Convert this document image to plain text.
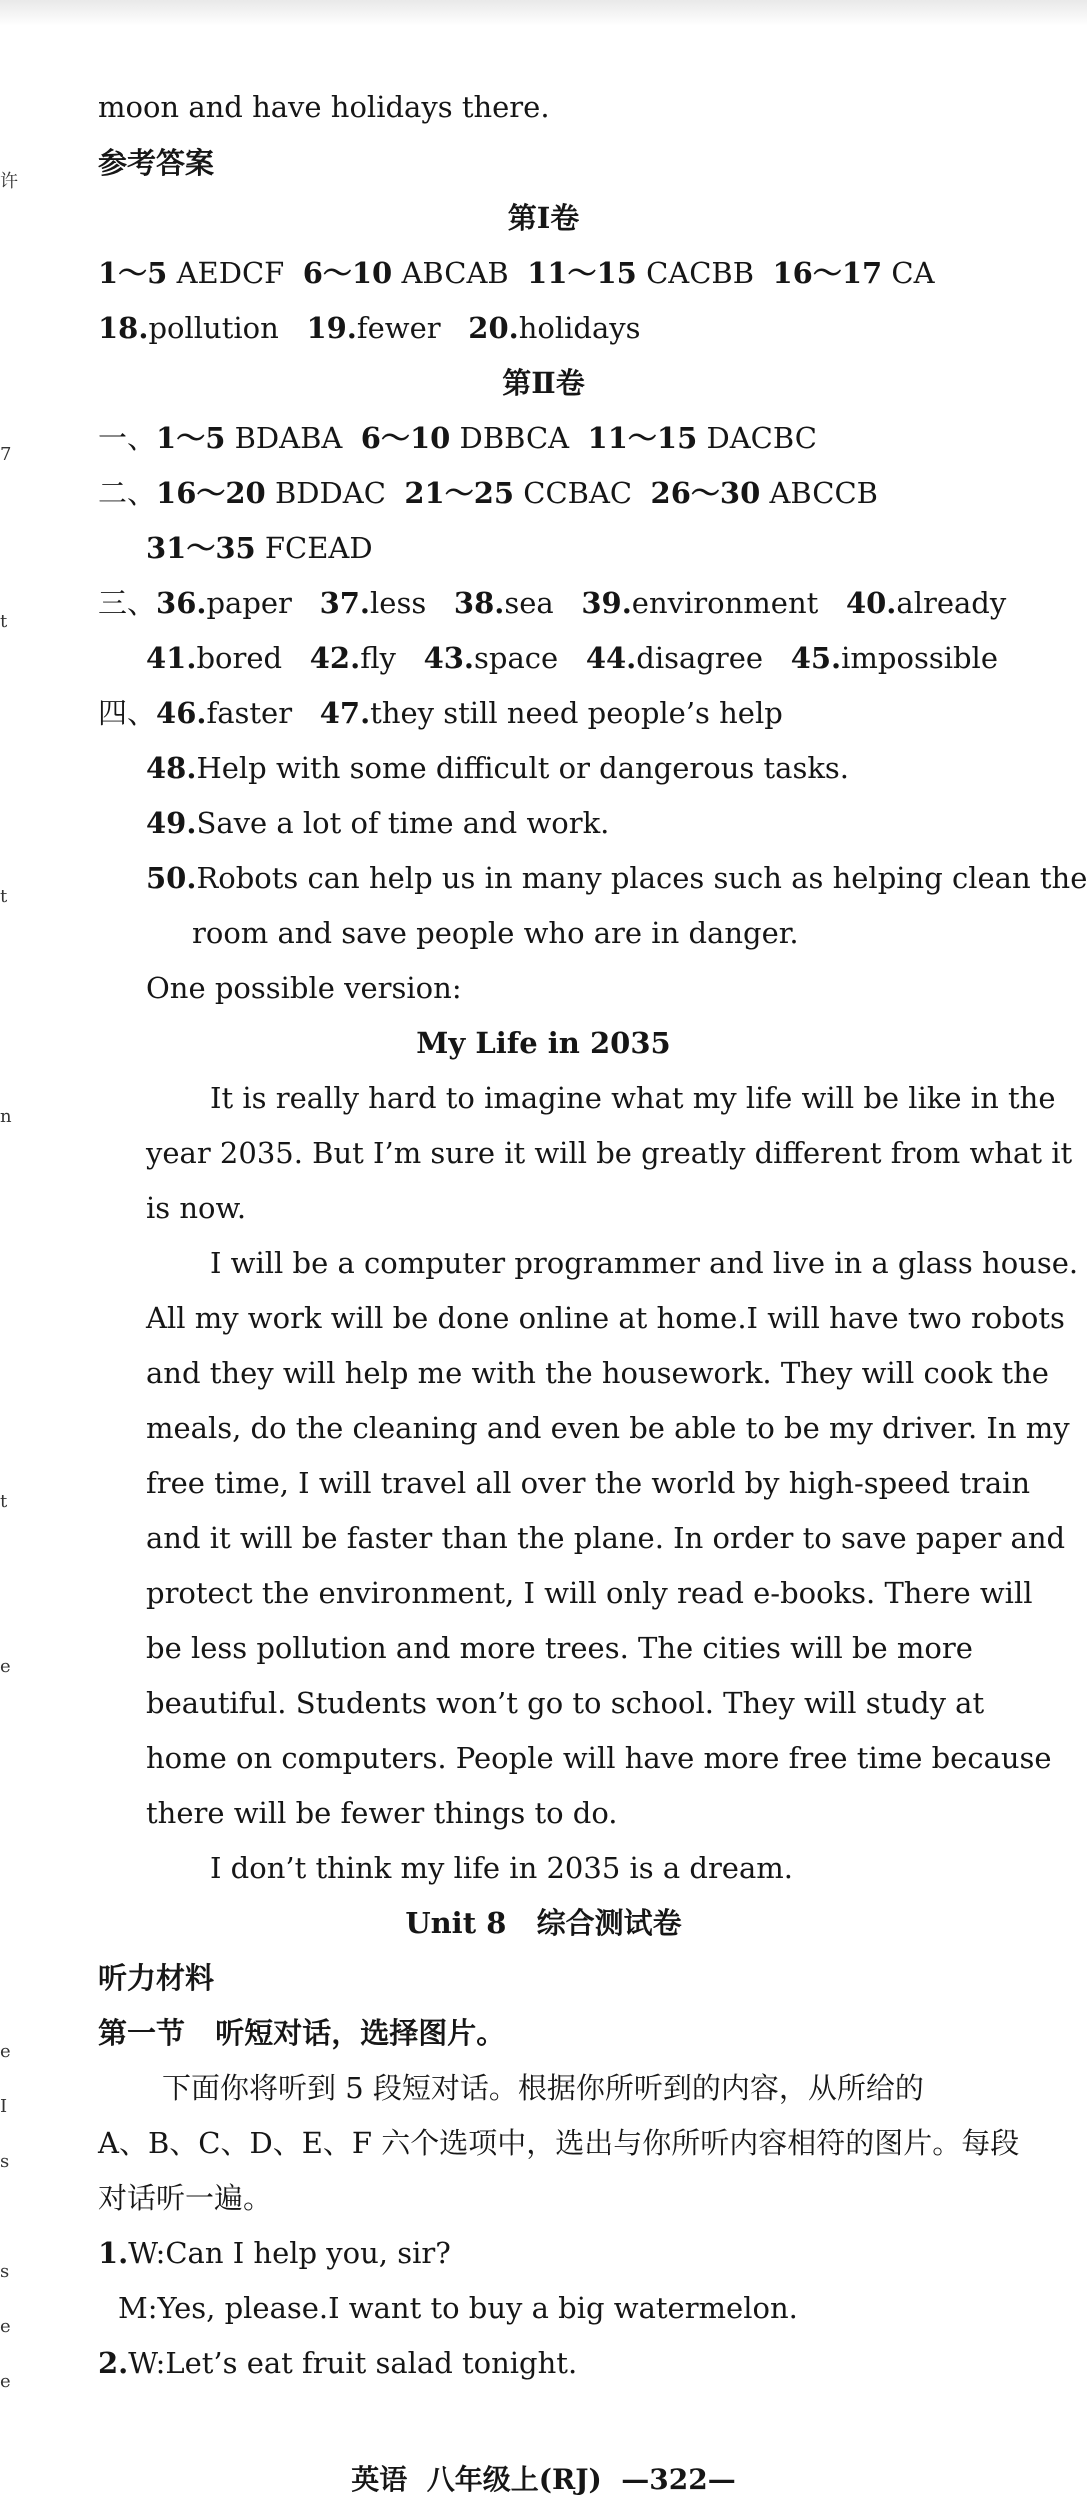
moon and have holidays there.
参考答案
第Ⅰ卷
1～5 AEDCF  6～10 ABCAB  11～15 CACBB  16～17 CA
18.pollution   19.fewer   20.holidays
第Ⅱ卷
一、1～5 BDABA  6～10 DBBCA  11～15 DACBC
二、16～20 BDDAC  21～25 CCBAC  26～30 ABCCB
31～35 FCEAD
三、36.paper   37.less   38.sea   39.environment   40.already
41.bored   42.fly   43.space   44.disagree   45.impossible
四、46.faster   47.they still need people’s help
48.Help with some difficult or dangerous tasks.
49.Save a lot of time and work.
50.Robots can help us in many places such as helping clean the
room and save people who are in danger.
One possible version:
My Life in 2035
It is really hard to imagine what my life will be like in the
year 2035. But I’m sure it will be greatly different from what it
is now.
I will be a computer programmer and live in a glass house.
All my work will be done online at home.I will have two robots
and they will help me with the housework. They will cook the
meals, do the cleaning and even be able to be my driver. In my
free time, I will travel all over the world by high-speed train
and it will be faster than the plane. In order to save paper and
protect the environment, I will only read e-books. There will
be less pollution and more trees. The cities will be more
beautiful. Students won’t go to school. They will study at
home on computers. People will have more free time because
there will be fewer things to do.
I don’t think my life in 2035 is a dream.
Unit 8   综合测试卷
听力材料
第一节   听短对话，选择图片。
下面你将听到 5 段短对话。根据你所听到的内容，从所给的
A、B、C、D、E、F 六个选项中，选出与你所听内容相符的图片。每段
对话听一遍。
1.W:Can I help you, sir?
M:Yes, please.I want to buy a big watermelon.
2.W:Let’s eat fruit salad tonight.
许
7
t
t
n
t
e
e
I
s
s
e
e
英语  八年级上(RJ)  —322—
